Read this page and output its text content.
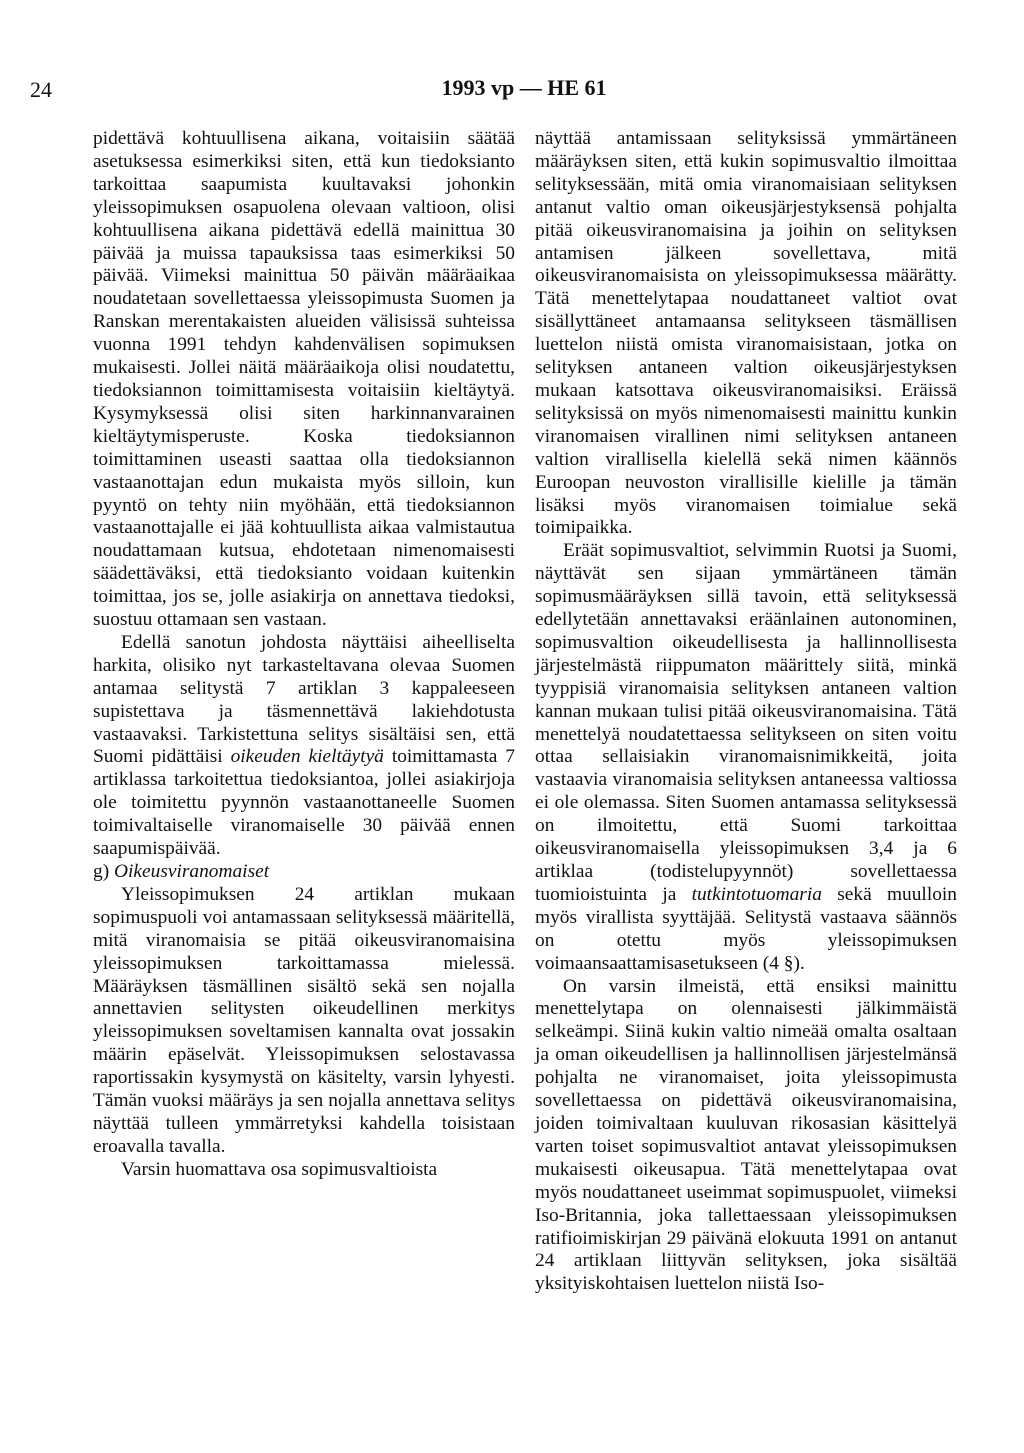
24	1993 vp — HE 61

pidettävä kohtuullisena aikana, voitaisiin säätää asetuksessa esimerkiksi siten, että kun tiedoksianto tarkoittaa saapumista kuultavaksi johonkin yleissopimuksen osapuolena olevaan valtioon, olisi kohtuullisena aikana pidettävä edellä mainittua 30 päivää ja muissa tapauksissa taas esimerkiksi 50 päivää. Viimeksi mainittua 50 päivän määräaikaa noudatetaan sovellettaessa yleissopimusta Suomen ja Ranskan merentakaisten alueiden välisissä suhteissa vuonna 1991 tehdyn kahdenvälisen sopimuksen mukaisesti. Jollei näitä määräaikoja olisi noudatettu, tiedoksiannon toimittamisesta voitaisiin kieltäytyä. Kysymyksessä olisi siten harkinnanvarainen kieltäytymisperuste. Koska tiedoksiannon toimittaminen useasti saattaa olla tiedoksiannon vastaanottajan edun mukaista myös silloin, kun pyyntö on tehty niin myöhään, että tiedoksiannon vastaanottajalle ei jää kohtuullista aikaa valmistautua noudattamaan kutsua, ehdotetaan nimenomaisesti säädettäväksi, että tiedoksianto voidaan kuitenkin toimittaa, jos se, jolle asiakirja on annettava tiedoksi, suostuu ottamaan sen vastaan.

Edellä sanotun johdosta näyttäisi aiheelliselta harkita, olisiko nyt tarkasteltavana olevaa Suomen antamaa selitystä 7 artiklan 3 kappaleeseen supistettava ja täsmennettävä lakiehdotusta vastaavaksi. Tarkistettuna selitys sisältäisi sen, että Suomi pidättäisi oikeuden kieltäytyä toimittamasta 7 artiklassa tarkoitettua tiedoksiantoa, jollei asiakirjoja ole toimitettu pyynnön vastaanottaneelle Suomen toimivaltaiselle viranomaiselle 30 päivää ennen saapumispäivää.

g) Oikeusviranomaiset

Yleissopimuksen 24 artiklan mukaan sopimuspuoli voi antamassaan selityksessä määritellä, mitä viranomaisia se pitää oikeusviranomaisina yleissopimuksen tarkoittamassa mielessä. Määräyksen täsmällinen sisältö sekä sen nojalla annettavien selitysten oikeudellinen merkitys yleissopimuksen soveltamisen kannalta ovat jossakin määrin epäselvät. Yleissopimuksen selostavassa raportissakin kysymystä on käsitelty, varsin lyhyesti. Tämän vuoksi määräys ja sen nojalla annettava selitys näyttää tulleen ymmärretyksi kahdella toisistaan eroavalla tavalla.

Varsin huomattava osa sopimusvaltioista

näyttää antamissaan selityksissä ymmärtäneen määräyksen siten, että kukin sopimusvaltio ilmoittaa selityksessään, mitä omia viranomaisiaan selityksen antanut valtio oman oikeusjärjestyksensä pohjalta pitää oikeusviranomaisina ja joihin on selityksen antamisen jälkeen sovellettava, mitä oikeusviranomaisista on yleissopimuksessa määrätty. Tätä menettelytapaa noudattaneet valtiot ovat sisällyttäneet antamaansa selitykseen täsmällisen luettelon niistä omista viranomaisistaan, jotka on selityksen antaneen valtion oikeusjärjestyksen mukaan katsottava oikeusviranomaisiksi. Eräissä selityksissä on myös nimenomaisesti mainittu kunkin viranomaisen virallinen nimi selityksen antaneen valtion virallisella kielellä sekä nimen käännös Euroopan neuvoston virallisille kielille ja tämän lisäksi myös viranomaisen toimialue sekä toimipaikka.

Eräät sopimusvaltiot, selvimmin Ruotsi ja Suomi, näyttävät sen sijaan ymmärtäneen tämän sopimusmääräyksen sillä tavoin, että selityksessä edellytetään annettavaksi eräänlainen autonominen, sopimusvaltion oikeudellisesta ja hallinnollisesta järjestelmästä riippumaton määrittely siitä, minkä tyyppisiä viranomaisia selityksen antaneen valtion kannan mukaan tulisi pitää oikeusviranomaisina. Tätä menettelyä noudatettaessa selitykseen on siten voitu ottaa sellaisiakin viranomaisnimikkeitä, joita vastaavia viranomaisia selityksen antaneessa valtiossa ei ole olemassa. Siten Suomen antamassa selityksessä on ilmoitettu, että Suomi tarkoittaa oikeusviranomaisella yleissopimuksen 3,4 ja 6 artiklaa (todistelupyynnöt) sovellettaessa tuomioistuinta ja tutkintotuomaria sekä muulloin myös virallista syyttäjää. Selitystä vastaava säännös on otettu myös yleissopimuksen voimaansaattamisasetukseen (4 §).

On varsin ilmeistä, että ensiksi mainittu menettelytapa on olennaisesti jälkimmäistä selkeämpi. Siinä kukin valtio nimeää omalta osaltaan ja oman oikeudellisen ja hallinnollisen järjestelmänsä pohjalta ne viranomaiset, joita yleissopimusta sovellettaessa on pidettävä oikeusviranomaisina, joiden toimivaltaan kuuluvan rikosasian käsittelyä varten toiset sopimusvaltiot antavat yleissopimuksen mukaisesti oikeusapua. Tätä menettelytapaa ovat myös noudattaneet useimmat sopimuspuolet, viimeksi Iso-Britannia, joka tallettaessaan yleissopimuksen ratifioimiskirjan 29 päivänä elokuuta 1991 on antanut 24 artiklaan liittyvän selityksen, joka sisältää yksityiskohtaisen luettelon niistä Iso-
